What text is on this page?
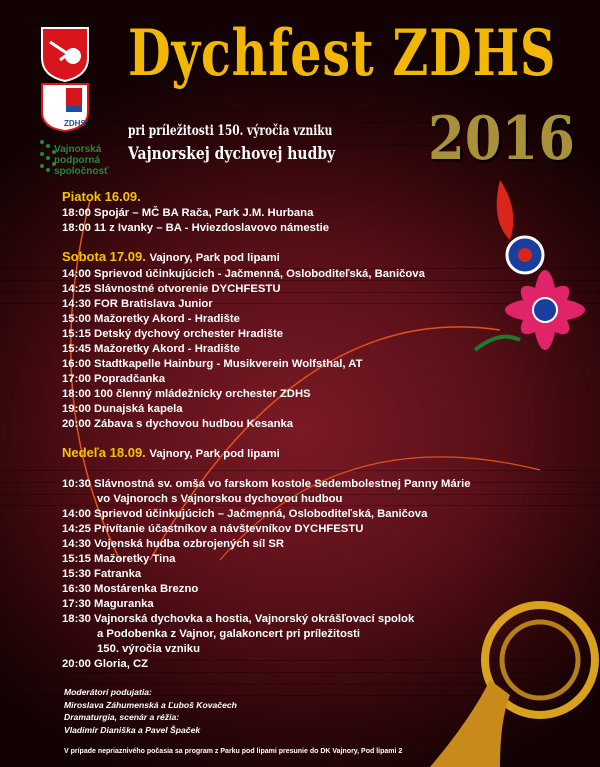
ZDHS
Vajnorská
podporná
spoločnosť
Dychfest ZDHS
2016
pri príležitosti 150. výročia vzniku
Vajnorskej dychovej hudby
Piatok 16.09.
18:00 Spojár – MČ BA Rača, Park J.M. Hurbana
18:00 11 z Ivanky – BA - Hviezdoslavovo námestie
Sobota 17.09. Vajnory, Park pod lipami
14:00 Sprievod účinkujúcich - Jačmenná, Osloboditeľská, Baničova
14:25 Slávnostné otvorenie DYCHFESTU
14:30 FOR Bratislava Junior
15:00 Mažoretky Akord - Hradište
15:15 Detský dychový orchester Hradište
15:45 Mažoretky Akord - Hradište
16:00 Stadtkapelle Hainburg - Musikverein Wolfsthal, AT
17:00 Popradčanka
18:00 100 členný mládežnícky orchester ZDHS
19:00 Dunajská kapela
20:00 Zábava s dychovou hudbou Kesanka
Nedeľa 18.09. Vajnory, Park pod lipami
10:30 Slávnostná sv. omša vo farskom kostole Sedembolestnej Panny Márie
vo Vajnoroch s Vajnorskou dychovou hudbou
14:00 Sprievod účinkujúcich – Jačmenná, Osloboditeľská, Baničova
14:25 Privítanie účastníkov a návštevníkov DYCHFESTU
14:30 Vojenská hudba ozbrojených síl SR
15:15 Mažoretky Tina
15:30 Fatranka
16:30 Mostárenka Brezno
17:30 Maguranka
18:30 Vajnorská dychovka a hostia, Vajnorský okrášľovací spolok
a Podobenka z Vajnor, galakoncert pri príležitosti
150. výročia vzniku
20:00 Gloria, CZ
Moderátori podujatia:
Miroslava Záhumenská a Ľuboš Kovačech
Dramaturgia, scenár a réžia:
Vladimír Dianiška a Pavel Špaček
V prípade nepriaznivého počasia sa program z Parku pod lipami presunie do DK Vajnory, Pod lipami 2
